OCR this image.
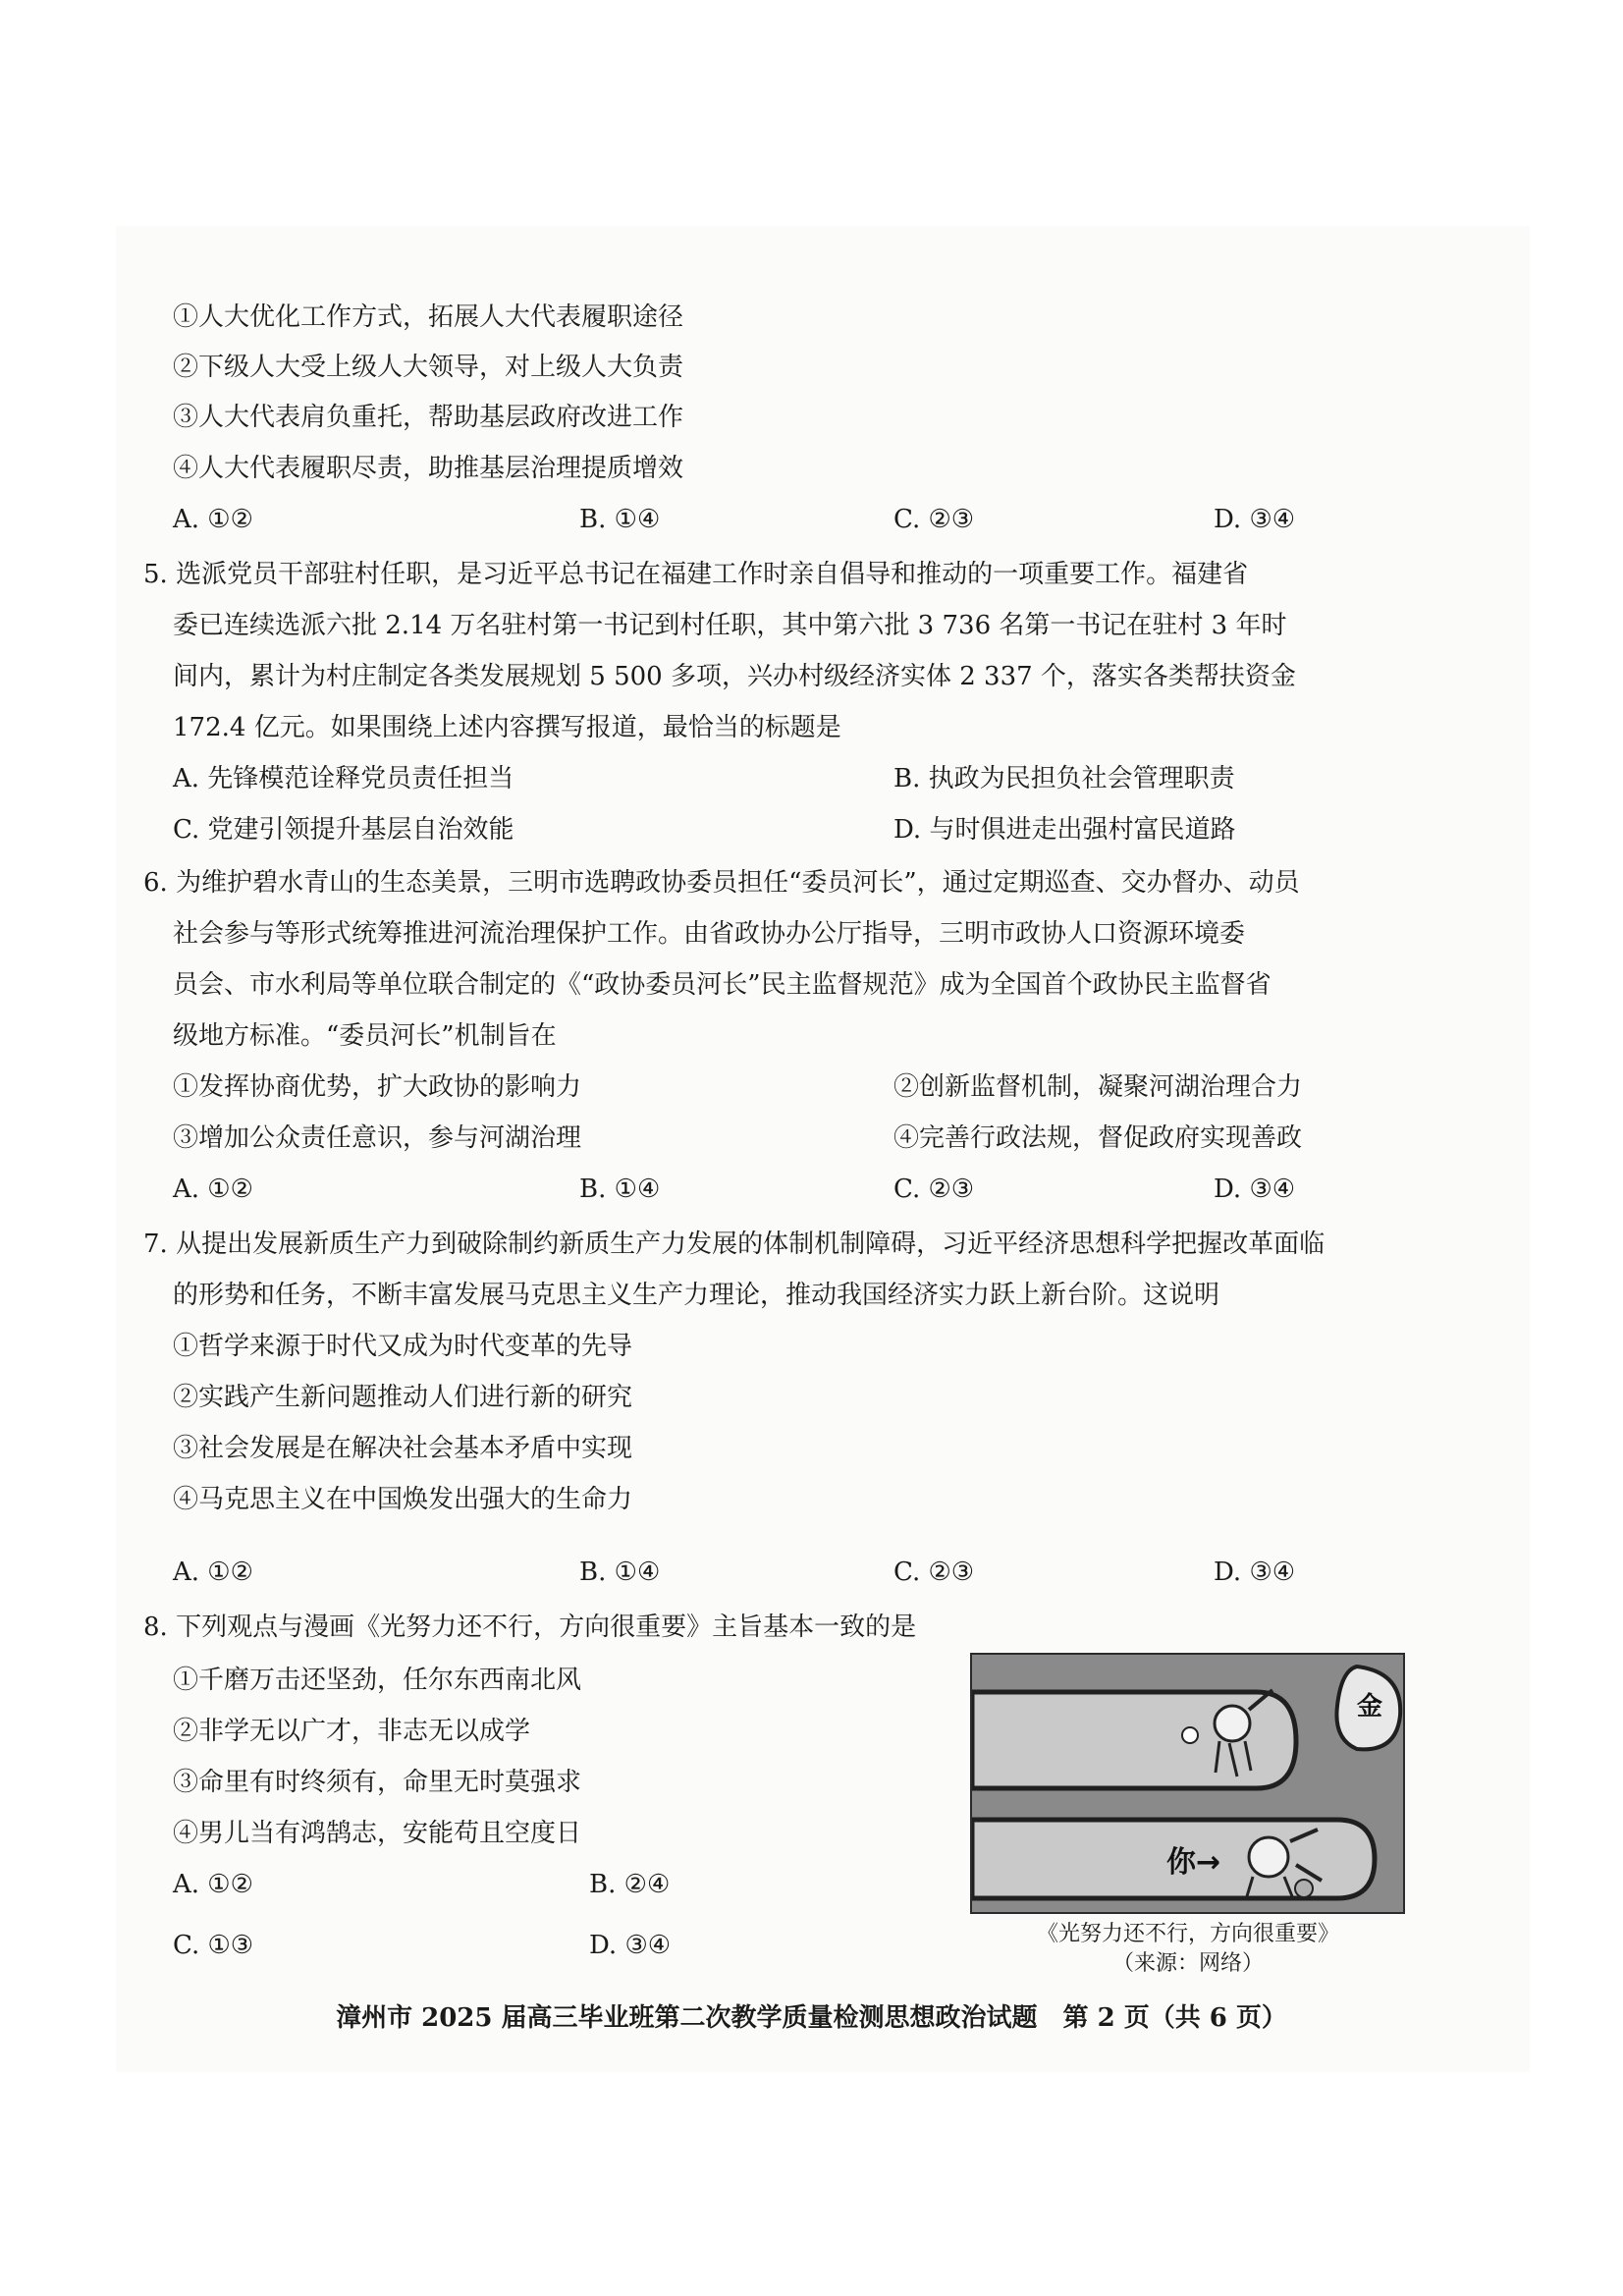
①人大优化工作方式，拓展人大代表履职途径
②下级人大受上级人大领导，对上级人大负责
③人大代表肩负重托，帮助基层政府改进工作
④人大代表履职尽责，助推基层治理提质增效
A. ①②	B. ①④	C. ②③	D. ③④
5. 选派党员干部驻村任职，是习近平总书记在福建工作时亲自倡导和推动的一项重要工作。福建省
委已连续选派六批 2.14 万名驻村第一书记到村任职，其中第六批 3 736 名第一书记在驻村 3 年时
间内，累计为村庄制定各类发展规划 5 500 多项，兴办村级经济实体 2 337 个，落实各类帮扶资金
172.4 亿元。如果围绕上述内容撰写报道，最恰当的标题是
A. 先锋模范诠释党员责任担当	B. 执政为民担负社会管理职责
C. 党建引领提升基层自治效能	D. 与时俱进走出强村富民道路
6. 为维护碧水青山的生态美景，三明市选聘政协委员担任“委员河长”，通过定期巡查、交办督办、动员
社会参与等形式统筹推进河流治理保护工作。由省政协办公厅指导，三明市政协人口资源环境委
员会、市水利局等单位联合制定的《“政协委员河长”民主监督规范》成为全国首个政协民主监督省
级地方标准。“委员河长”机制旨在
①发挥协商优势，扩大政协的影响力	②创新监督机制，凝聚河湖治理合力
③增加公众责任意识，参与河湖治理	④完善行政法规，督促政府实现善政
A. ①②	B. ①④	C. ②③	D. ③④
7. 从提出发展新质生产力到破除制约新质生产力发展的体制机制障碍，习近平经济思想科学把握改革面临
的形势和任务，不断丰富发展马克思主义生产力理论，推动我国经济实力跃上新台阶。这说明
①哲学来源于时代又成为时代变革的先导
②实践产生新问题推动人们进行新的研究
③社会发展是在解决社会基本矛盾中实现
④马克思主义在中国焕发出强大的生命力
A. ①②	B. ①④	C. ②③	D. ③④
8. 下列观点与漫画《光努力还不行，方向很重要》主旨基本一致的是
①千磨万击还坚劲，任尔东西南北风
②非学无以广才，非志无以成学
③命里有时终须有，命里无时莫强求
④男儿当有鸿鹄志，安能苟且空度日
A. ①②	B. ②④
C. ①③	D. ③④
你→
金
《光努力还不行，方向很重要》
（来源：网络）
漳州市 2025 届高三毕业班第二次教学质量检测思想政治试题　第 2 页（共 6 页）
